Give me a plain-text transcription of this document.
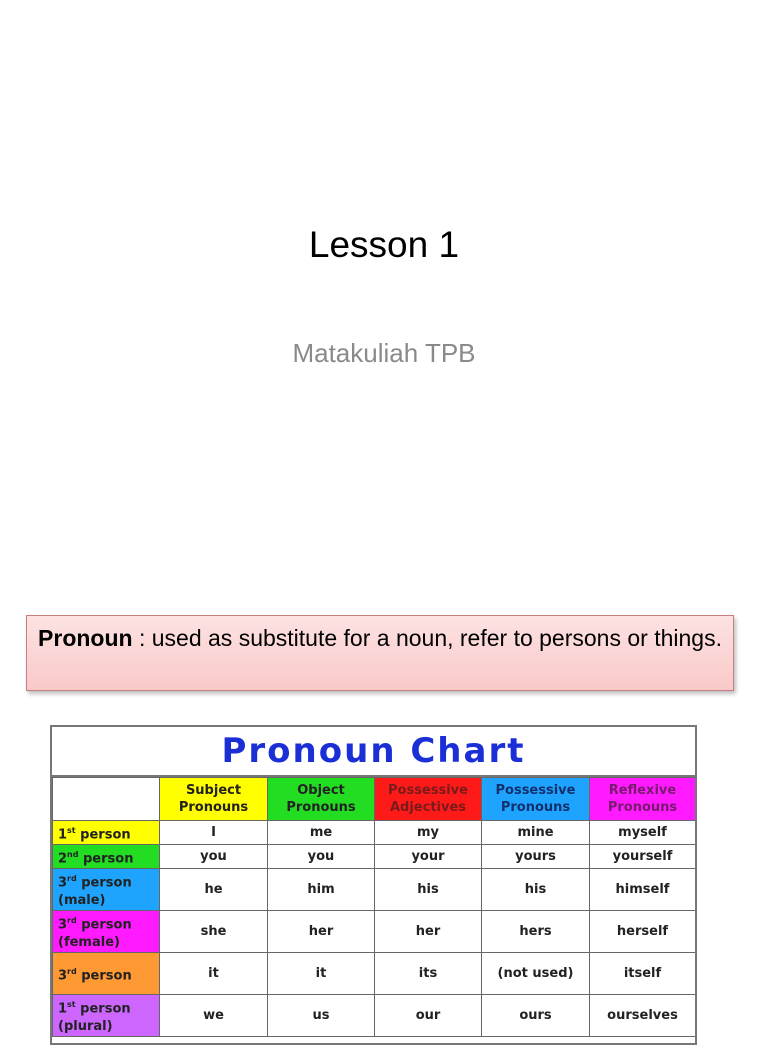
Lesson 1
Matakuliah TPB
Pronoun : used as substitute for a noun, refer to persons or things.
Pronoun Chart
	Subject Pronouns	Object Pronouns	Possessive Adjectives	Possessive Pronouns	Reflexive Pronouns
1st person	I	me	my	mine	myself
2nd person	you	you	your	yours	yourself
3rd person (male)	he	him	his	his	himself
3rd person (female)	she	her	her	hers	herself
3rd person	it	it	its	(not used)	itself
1st person (plural)	we	us	our	ours	ourselves
